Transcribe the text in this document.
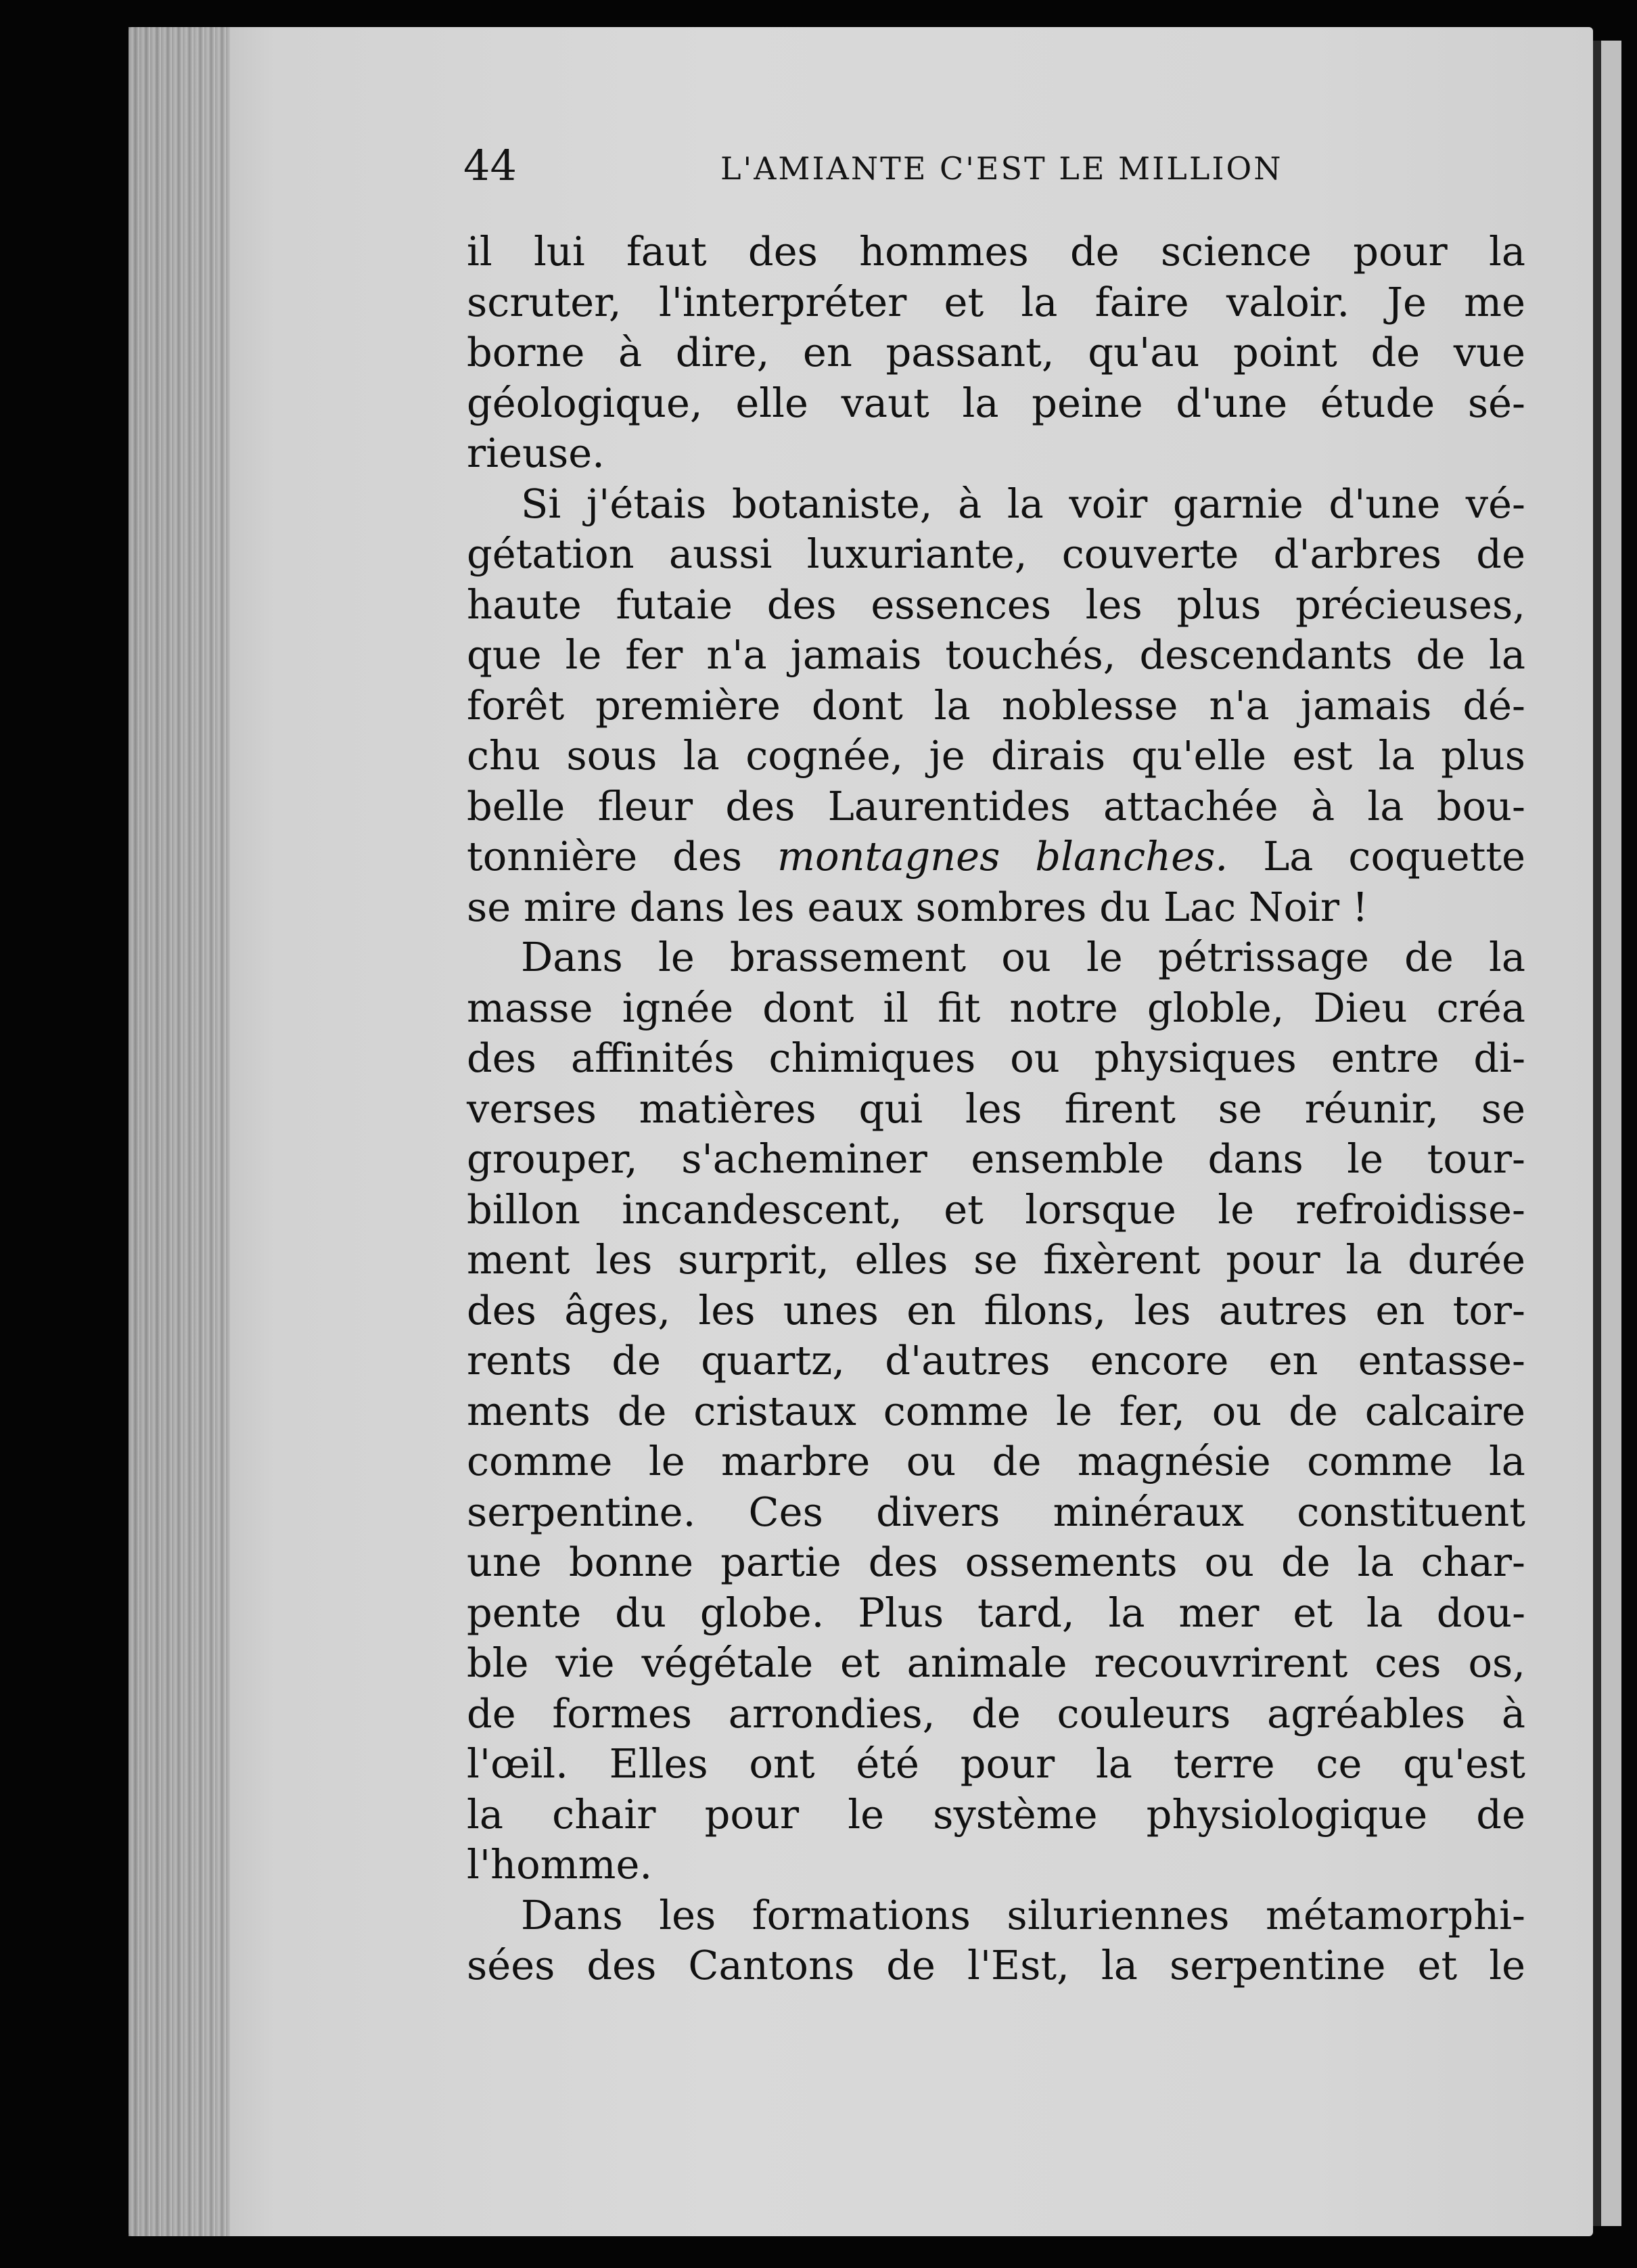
44	L'AMIANTE C'EST LE MILLION
il lui faut des hommes de science pour la
scruter, l'interpréter et la faire valoir. Je me
borne à dire, en passant, qu'au point de vue
géologique, elle vaut la peine d'une étude sé-
rieuse.
Si j'étais botaniste, à la voir garnie d'une vé-
gétation aussi luxuriante, couverte d'arbres de
haute futaie des essences les plus précieuses,
que le fer n'a jamais touchés, descendants de la
forêt première dont la noblesse n'a jamais dé-
chu sous la cognée, je dirais qu'elle est la plus
belle fleur des Laurentides attachée à la bou-
tonnière des montagnes blanches. La coquette
se mire dans les eaux sombres du Lac Noir !
Dans le brassement ou le pétrissage de la
masse ignée dont il fit notre globle, Dieu créa
des affinités chimiques ou physiques entre di-
verses matières qui les firent se réunir, se
grouper, s'acheminer ensemble dans le tour-
billon incandescent, et lorsque le refroidisse-
ment les surprit, elles se fixèrent pour la durée
des âges, les unes en filons, les autres en tor-
rents de quartz, d'autres encore en entasse-
ments de cristaux comme le fer, ou de calcaire
comme le marbre ou de magnésie comme la
serpentine. Ces divers minéraux constituent
une bonne partie des ossements ou de la char-
pente du globe. Plus tard, la mer et la dou-
ble vie végétale et animale recouvrirent ces os,
de formes arrondies, de couleurs agréables à
l'œil. Elles ont été pour la terre ce qu'est
la chair pour le système physiologique de
l'homme.
Dans les formations siluriennes métamorphi-
sées des Cantons de l'Est, la serpentine et le
